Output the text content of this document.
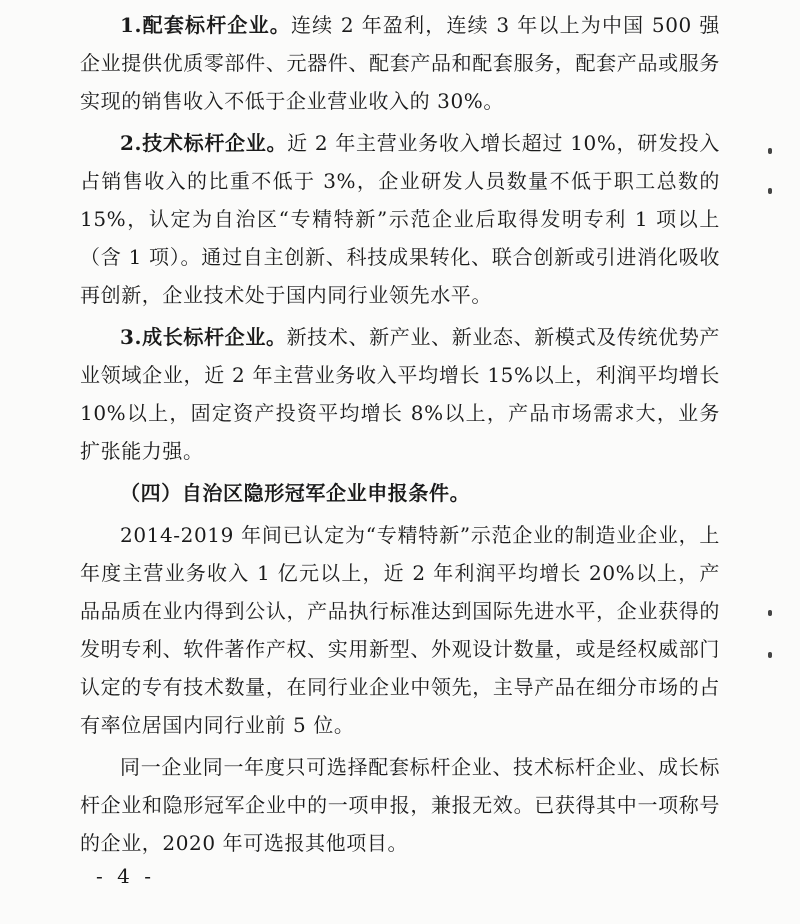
1.配套标杆企业。连续 2 年盈利，连续 3 年以上为中国 500 强企业提供优质零部件、元器件、配套产品和配套服务，配套产品或服务实现的销售收入不低于企业营业收入的 30%。

2.技术标杆企业。近 2 年主营业务收入增长超过 10%，研发投入占销售收入的比重不低于 3%，企业研发人员数量不低于职工总数的 15%，认定为自治区“专精特新”示范企业后取得发明专利 1 项以上（含 1 项）。通过自主创新、科技成果转化、联合创新或引进消化吸收再创新，企业技术处于国内同行业领先水平。

3.成长标杆企业。新技术、新产业、新业态、新模式及传统优势产业领域企业，近 2 年主营业务收入平均增长 15%以上，利润平均增长 10%以上，固定资产投资平均增长 8%以上，产品市场需求大，业务扩张能力强。

（四）自治区隐形冠军企业申报条件。

2014-2019 年间已认定为“专精特新”示范企业的制造业企业，上年度主营业务收入 1 亿元以上，近 2 年利润平均增长 20%以上，产品品质在业内得到公认，产品执行标准达到国际先进水平，企业获得的发明专利、软件著作产权、实用新型、外观设计数量，或是经权威部门认定的专有技术数量，在同行业企业中领先，主导产品在细分市场的占有率位居国内同行业前 5 位。

同一企业同一年度只可选择配套标杆企业、技术标杆企业、成长标杆企业和隐形冠军企业中的一项申报，兼报无效。已获得其中一项称号的企业，2020 年可选报其他项目。

- 4 -
